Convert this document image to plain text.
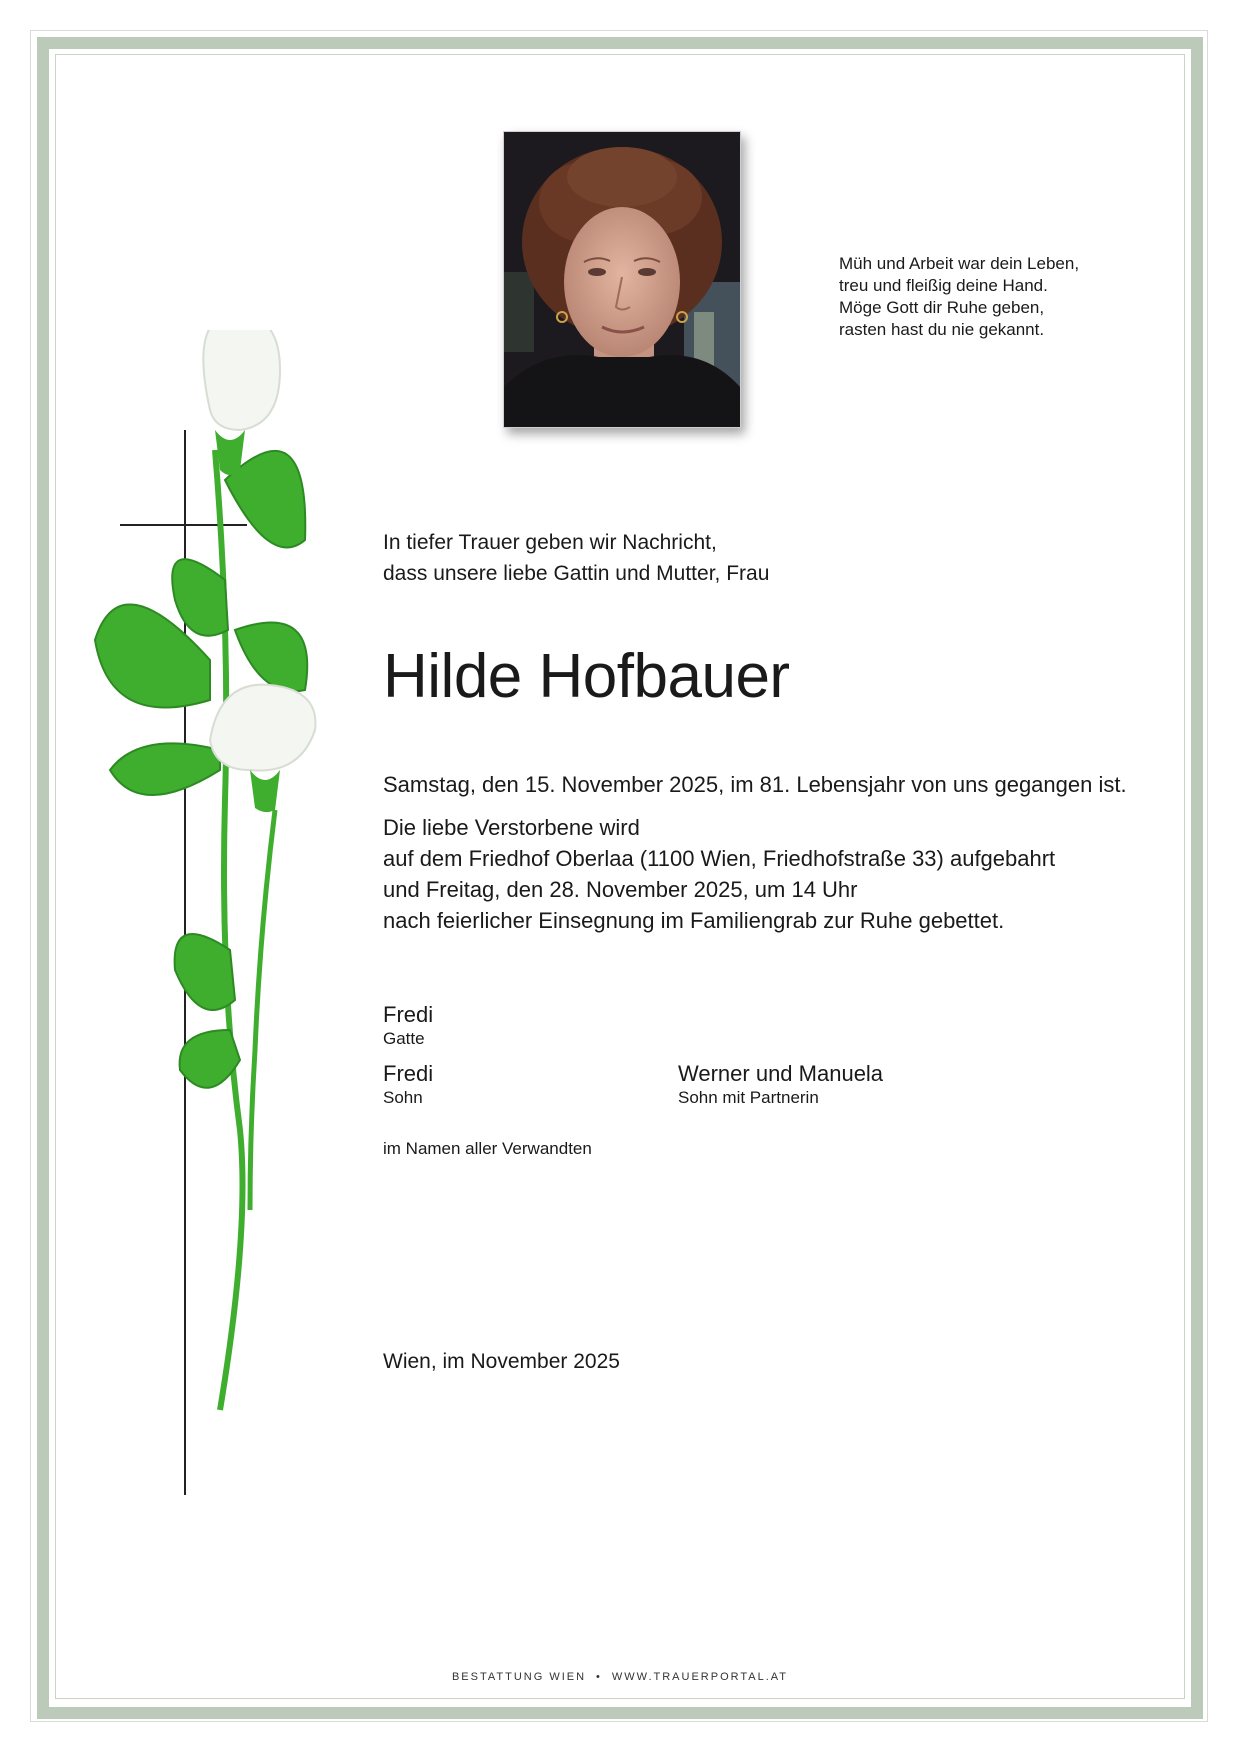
Müh und Arbeit war dein Leben,
treu und fleißig deine Hand.
Möge Gott dir Ruhe geben,
rasten hast du nie gekannt.
In tiefer Trauer geben wir Nachricht,
dass unsere liebe Gattin und Mutter, Frau
Hilde Hofbauer
Samstag, den 15. November 2025, im 81. Lebensjahr von uns gegangen ist.
Die liebe Verstorbene wird
auf dem Friedhof Oberlaa (1100 Wien, Friedhofstraße 33) aufgebahrt
und Freitag, den 28. November 2025, um 14 Uhr
nach feierlicher Einsegnung im Familiengrab zur Ruhe gebettet.
Fredi
Gatte
Fredi
Sohn
Werner und Manuela
Sohn mit Partnerin
im Namen aller Verwandten
Wien, im November 2025
BESTATTUNG WIEN • WWW.TRAUERPORTAL.AT
